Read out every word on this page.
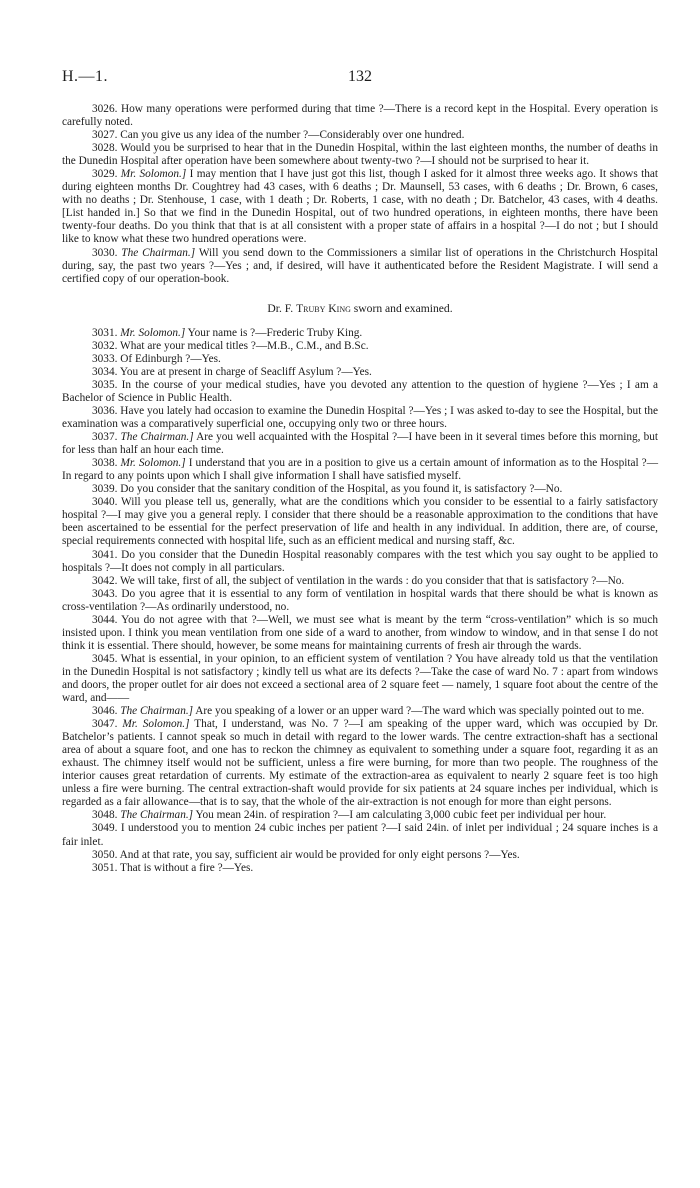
H.—1.	132

3026. How many operations were performed during that time ?—There is a record kept in the Hospital. Every operation is carefully noted.

3027. Can you give us any idea of the number ?—Considerably over one hundred.

3028. Would you be surprised to hear that in the Dunedin Hospital, within the last eighteen months, the number of deaths in the Dunedin Hospital after operation have been somewhere about twenty-two ?—I should not be surprised to hear it.

3029. Mr. Solomon.] I may mention that I have just got this list, though I asked for it almost three weeks ago. It shows that during eighteen months Dr. Coughtrey had 43 cases, with 6 deaths ; Dr. Maunsell, 53 cases, with 6 deaths ; Dr. Brown, 6 cases, with no deaths ; Dr. Stenhouse, 1 case, with 1 death ; Dr. Roberts, 1 case, with no death ; Dr. Batchelor, 43 cases, with 4 deaths. [List handed in.] So that we find in the Dunedin Hospital, out of two hundred operations, in eighteen months, there have been twenty-four deaths. Do you think that that is at all consistent with a proper state of affairs in a hospital ?—I do not ; but I should like to know what these two hundred operations were.

3030. The Chairman.] Will you send down to the Commissioners a similar list of operations in the Christchurch Hospital during, say, the past two years ?—Yes ; and, if desired, will have it authenticated before the Resident Magistrate. I will send a certified copy of our operation-book.

Dr. F. Truby King sworn and examined.

3031. Mr. Solomon.] Your name is ?—Frederic Truby King.

3032. What are your medical titles ?—M.B., C.M., and B.Sc.

3033. Of Edinburgh ?—Yes.

3034. You are at present in charge of Seacliff Asylum ?—Yes.

3035. In the course of your medical studies, have you devoted any attention to the question of hygiene ?—Yes ; I am a Bachelor of Science in Public Health.

3036. Have you lately had occasion to examine the Dunedin Hospital ?—Yes ; I was asked to-day to see the Hospital, but the examination was a comparatively superficial one, occupying only two or three hours.

3037. The Chairman.] Are you well acquainted with the Hospital ?—I have been in it several times before this morning, but for less than half an hour each time.

3038. Mr. Solomon.] I understand that you are in a position to give us a certain amount of information as to the Hospital ?—In regard to any points upon which I shall give information I shall have satisfied myself.

3039. Do you consider that the sanitary condition of the Hospital, as you found it, is satisfactory ?—No.

3040. Will you please tell us, generally, what are the conditions which you consider to be essential to a fairly satisfactory hospital ?—I may give you a general reply. I consider that there should be a reasonable approximation to the conditions that have been ascertained to be essential for the perfect preservation of life and health in any individual. In addition, there are, of course, special requirements connected with hospital life, such as an efficient medical and nursing staff, &c.

3041. Do you consider that the Dunedin Hospital reasonably compares with the test which you say ought to be applied to hospitals ?—It does not comply in all particulars.

3042. We will take, first of all, the subject of ventilation in the wards : do you consider that that is satisfactory ?—No.

3043. Do you agree that it is essential to any form of ventilation in hospital wards that there should be what is known as cross-ventilation ?—As ordinarily understood, no.

3044. You do not agree with that ?—Well, we must see what is meant by the term “cross-ventilation” which is so much insisted upon. I think you mean ventilation from one side of a ward to another, from window to window, and in that sense I do not think it is essential. There should, however, be some means for maintaining currents of fresh air through the wards.

3045. What is essential, in your opinion, to an efficient system of ventilation ? You have already told us that the ventilation in the Dunedin Hospital is not satisfactory ; kindly tell us what are its defects ?—Take the case of ward No. 7 : apart from windows and doors, the proper outlet for air does not exceed a sectional area of 2 square feet — namely, 1 square foot about the centre of the ward, and——

3046. The Chairman.] Are you speaking of a lower or an upper ward ?—The ward which was specially pointed out to me.

3047. Mr. Solomon.] That, I understand, was No. 7 ?—I am speaking of the upper ward, which was occupied by Dr. Batchelor’s patients. I cannot speak so much in detail with regard to the lower wards. The centre extraction-shaft has a sectional area of about a square foot, and one has to reckon the chimney as equivalent to something under a square foot, regarding it as an exhaust. The chimney itself would not be sufficient, unless a fire were burning, for more than two people. The roughness of the interior causes great retardation of currents. My estimate of the extraction-area as equivalent to nearly 2 square feet is too high unless a fire were burning. The central extraction-shaft would provide for six patients at 24 square inches per individual, which is regarded as a fair allowance—that is to say, that the whole of the air-extraction is not enough for more than eight persons.

3048. The Chairman.] You mean 24in. of respiration ?—I am calculating 3,000 cubic feet per individual per hour.

3049. I understood you to mention 24 cubic inches per patient ?—I said 24in. of inlet per individual ; 24 square inches is a fair inlet.

3050. And at that rate, you say, sufficient air would be provided for only eight persons ?—Yes.

3051. That is without a fire ?—Yes.
